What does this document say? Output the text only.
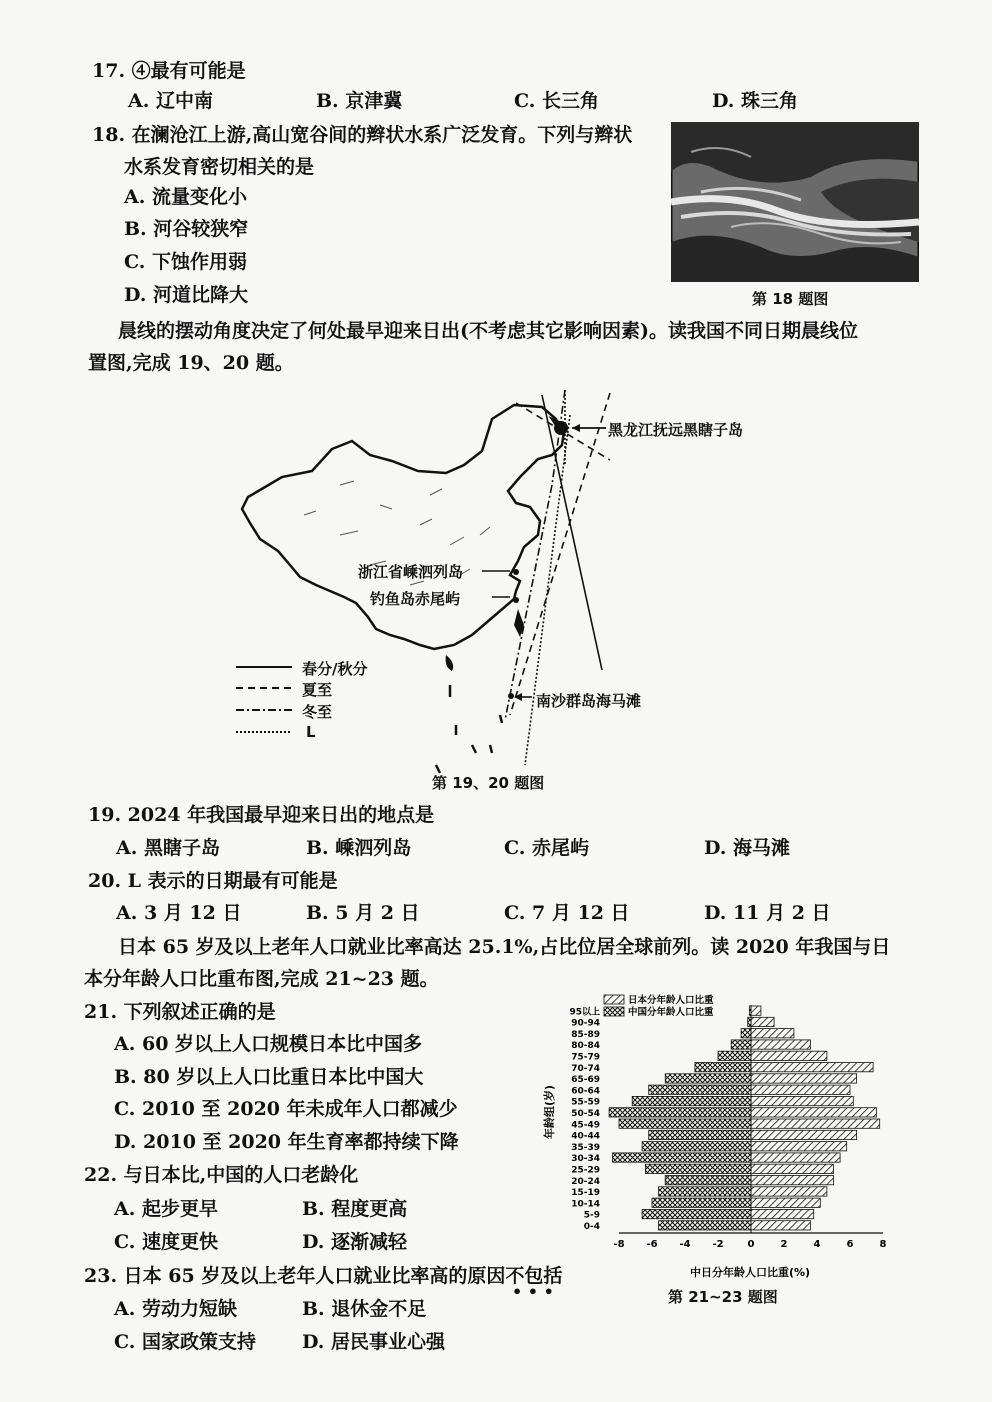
17. ④最有可能是
A. 辽中南	B. 京津冀	C. 长三角	D. 珠三角
18. 在澜沧江上游,高山宽谷间的辫状水系广泛发育。下列与辫状
水系发育密切相关的是
A. 流量变化小
B. 河谷较狭窄
C. 下蚀作用弱
D. 河道比降大	第 18 题图
晨线的摆动角度决定了何处最早迎来日出(不考虑其它影响因素)。读我国不同日期晨线位
置图,完成 19、20 题。
黑龙江抚远黑瞎子岛
浙江省嵊泗列岛
钓鱼岛赤尾屿
南沙群岛海马滩
春分/秋分
夏至
冬至
L
第 19、20 题图
19. 2024 年我国最早迎来日出的地点是
A. 黑瞎子岛	B. 嵊泗列岛	C. 赤尾屿	D. 海马滩
20. L 表示的日期最有可能是
A. 3 月 12 日	B. 5 月 2 日	C. 7 月 12 日	D. 11 月 2 日
日本 65 岁及以上老年人口就业比率高达 25.1%,占比位居全球前列。读 2020 年我国与日
本分年龄人口比重布图,完成 21~23 题。
21. 下列叙述正确的是
A. 60 岁以上人口规模日本比中国多
B. 80 岁以上人口比重日本比中国大
C. 2010 至 2020 年未成年人口都减少
D. 2010 至 2020 年生育率都持续下降
22. 与日本比,中国的人口老龄化
A. 起步更早	B. 程度更高
C. 速度更快	D. 逐渐减轻
23. 日本 65 岁及以上老年人口就业比率高的原因不包括
• • •
A. 劳动力短缺	B. 退休金不足
C. 国家政策支持 D. 居民事业心强
95以上
90-94
85-89
80-84
75-79
70-74
65-69
60-64
55-59
50-54
45-49
40-44
35-39
30-34
25-29
20-24
15-19
10-14
5-9
0-4
-8 -6 -4 -2 0	2	4	6	8
日本分年龄人口比重
中国分年龄人口比重
年龄组(岁)
中日分年龄人口比重(%)
第 21~23 题图
